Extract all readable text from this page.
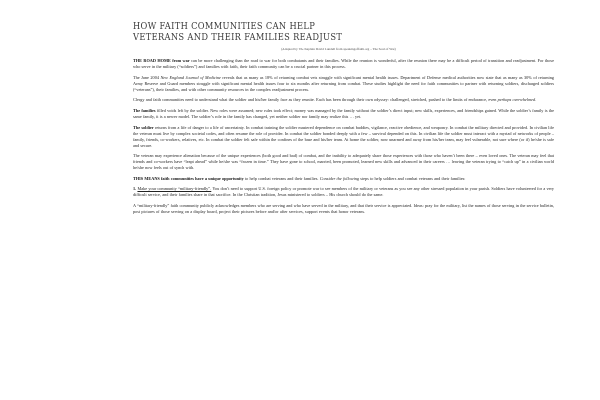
HOW FAITH COMMUNITIES CAN HELP
VETERANS AND THEIR FAMILIES READJUST
(Adapted by VA chaplain David Lundell from speakingoffaith.org – The Soul of War)

THE ROAD HOME from war can be more challenging than the road to war for both combatants and their families. While the reunion is wonderful, after the reunion there may be a difficult period of transition and readjustment. For those who serve in the military (“soldiers”) and families with faith, their faith community can be a crucial partner in this process.

The June 2004 New England Journal of Medicine reveals that as many as 18% of returning combat vets struggle with significant mental health issues. Department of Defense medical authorities now state that as many as 30% of returning Army Reserve and Guard members struggle with significant mental health issues four to six months after returning from combat. These studies highlight the need for faith communities to partner with returning soldiers, discharged soldiers (“veterans”), their families, and with other community resources in the complex readjustment process.

Clergy and faith communities need to understand what the soldier and his/her family face as they reunite. Each has been through their own odyssey: challenged, stretched, pushed to the limits of endurance, even perhaps overwhelmed.

The families filled voids left by the soldier. New roles were assumed; new rules took effect; money was managed by the family without the soldier’s direct input; new skills, experiences, and friendships gained. While the soldier’s family is the same family, it is a newer model. The soldier’s role in the family has changed, yet neither soldier nor family may realize this … yet.

The soldier returns from a life of danger to a life of uncertainty. In combat training the soldier mastered dependence on combat buddies, vigilance, reactive obedience, and weaponry. In combat the military directed and provided. In civilian life the veteran must live by complex societal codes, and often resume the role of provider. In combat the soldier bonded deeply with a few – survival depended on this. In civilian life the soldier must interact with a myriad of networks of people – family, friends, co-workers, relatives, etc. In combat the soldier felt safe within the confines of the base and his/her team. At home the soldier, now unarmed and away from his/her team, may feel vulnerable, not sure where (or if) he/she is safe and secure.

The veteran may experience alienation because of the unique experiences (both good and bad) of combat, and the inability to adequately share those experiences with those who haven’t been there – even loved ones. The veteran may feel that friends and co-workers have “leapt ahead” while he/she was “frozen in time.” They have gone to school, married, been promoted, learned new skills and advanced in their careers … leaving the veteran trying to “catch up” in a civilian world he/she now feels out of synch with.

THIS MEANS faith communities have a unique opportunity to help combat veterans and their families. Consider the following steps to help soldiers and combat veterans and their families:

1. Make your community “military-friendly”. You don’t need to support U.S. foreign policy or promote war to see members of the military or veterans as you see any other stressed population in your parish. Soldiers have volunteered for a very difficult service, and their families share in that sacrifice. In the Christian tradition, Jesus ministered to soldiers – His church should do the same.

A “military-friendly” faith community publicly acknowledges members who are serving and who have served in the military, and that their service is appreciated. Ideas: pray for the military, list the names of those serving in the service bulletin, post pictures of those serving on a display board, project their pictures before and/or after services, support events that honor veterans.
